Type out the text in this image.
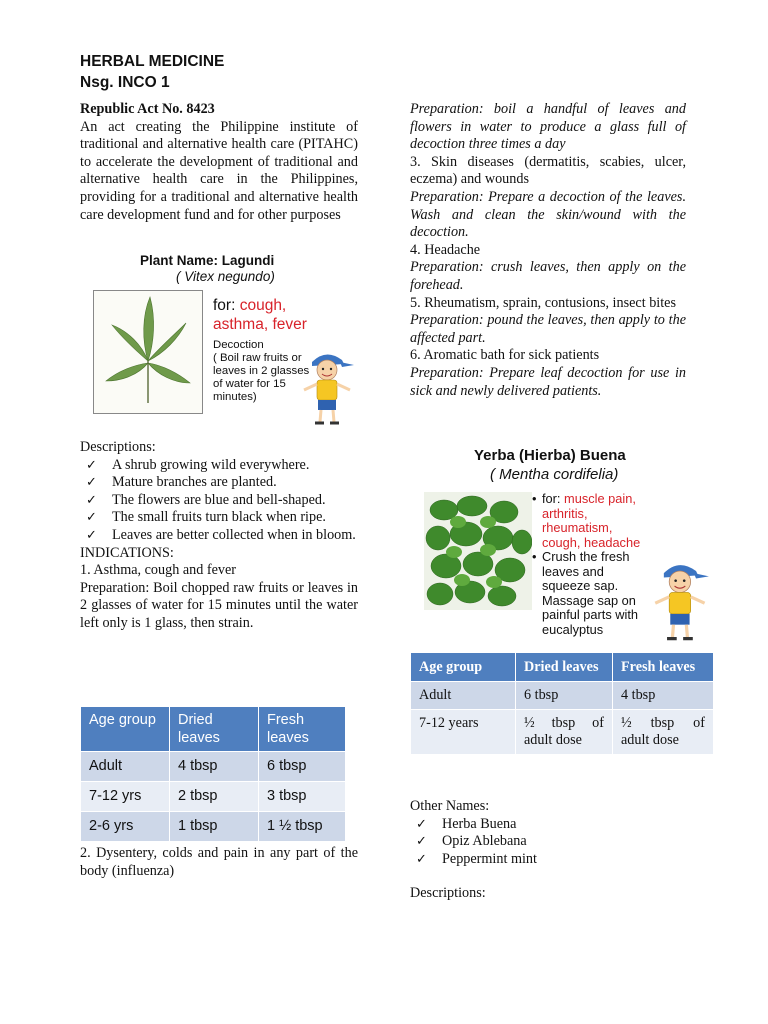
HERBAL MEDICINE
Nsg. INCO 1

Republic Act No. 8423

An act creating the Philippine institute of traditional and alternative health care (PITAHC) to accelerate the development of traditional and alternative health care in the Philippines, providing for a traditional and alternative health care development fund and for other purposes

Plant Name: Lagundi
( Vitex negundo)
for: cough,
asthma, fever
Decoction
( Boil raw fruits or leaves in 2 glasses of water for 15 minutes)

Descriptions:

✓ A shrub growing wild everywhere.
✓ Mature branches are planted.
✓ The flowers are blue and bell-shaped.
✓ The small fruits turn black when ripe.
✓ Leaves are better collected when in bloom.

INDICATIONS:

1. Asthma, cough and fever

Preparation: Boil chopped raw fruits or leaves in 2 glasses of water for 15 minutes until the water left only is 1 glass, then strain.

Age group	Dried leaves	Fresh leaves
Adult	4 tbsp	6 tbsp
7-12 yrs	2 tbsp	3 tbsp
2-6 yrs	1 tbsp	1 ½ tbsp

2. Dysentery, colds and pain in any part of the body (influenza)

Preparation: boil a handful of leaves and flowers in water to produce a glass full of decoction three times a day

3. Skin diseases (dermatitis, scabies, ulcer, eczema) and wounds

Preparation: Prepare a decoction of the leaves. Wash and clean the skin/wound with the decoction.

4. Headache

Preparation: crush leaves, then apply on the forehead.

5. Rheumatism, sprain, contusions, insect bites

Preparation: pound the leaves, then apply to the affected part.

6. Aromatic bath for sick patients

Preparation: Prepare leaf decoction for use in sick and newly delivered patients.

Yerba (Hierba) Buena
( Mentha cordifelia)
• for: muscle pain, arthritis, rheumatism, cough, headache
• Crush the fresh leaves and squeeze sap. Massage sap on painful parts with eucalyptus
Age group	Dried leaves	Fresh leaves
Adult	6 tbsp	4 tbsp
7-12 years	½ tbsp of adult dose	½ tbsp of adult dose

Other Names:

✓ Herba Buena
✓ Opiz Ablebana
✓ Peppermint mint

Descriptions:
